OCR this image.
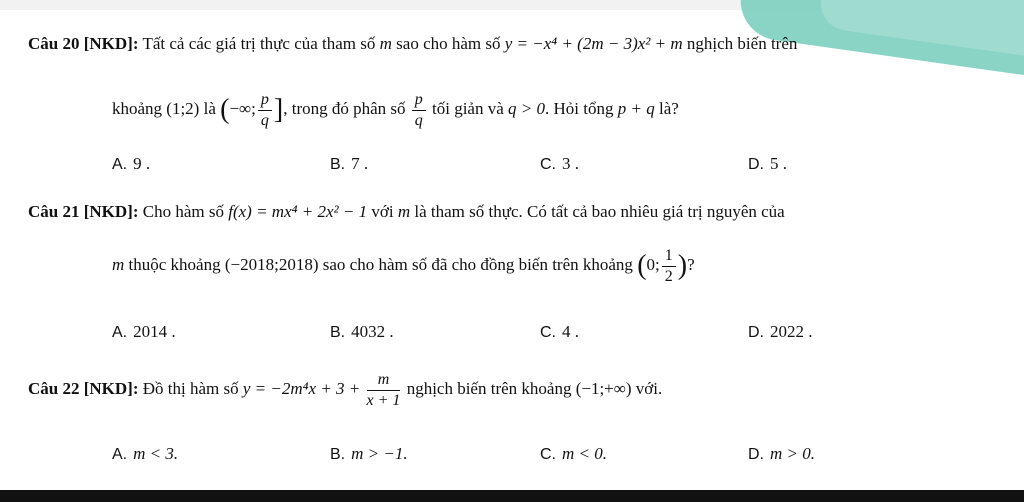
Câu 20 [NKD]: Tất cả các giá trị thực của tham số m sao cho hàm số y = −x⁴ + (2m − 3)x² + m nghịch biến trên
khoảng (1;2) là (−∞; $\frac{p}{q}$ ], trong đó phân số $\frac{p}{q}$ tối giản và q > 0. Hỏi tổng p + q là?
A. 9 .	B. 7 .	C. 3 .	D. 5 .
Câu 21 [NKD]: Cho hàm số f(x) = mx⁴ + 2x² − 1 với m là tham số thực. Có tất cả bao nhiêu giá trị nguyên của
m thuộc khoảng (−2018;2018) sao cho hàm số đã cho đồng biến trên khoảng (0; $\frac{1}{2}$ )?
A. 2014 .	B. 4032 .	C. 4 .	D. 2022 .
Câu 22 [NKD]: Đồ thị hàm số $y = -2m^4x + 3 + \frac{m}{x + 1}$ nghịch biến trên khoảng (−1;+∞) với.
A. m < 3.	B. m > −1.	C. m < 0.	D. m > 0.
